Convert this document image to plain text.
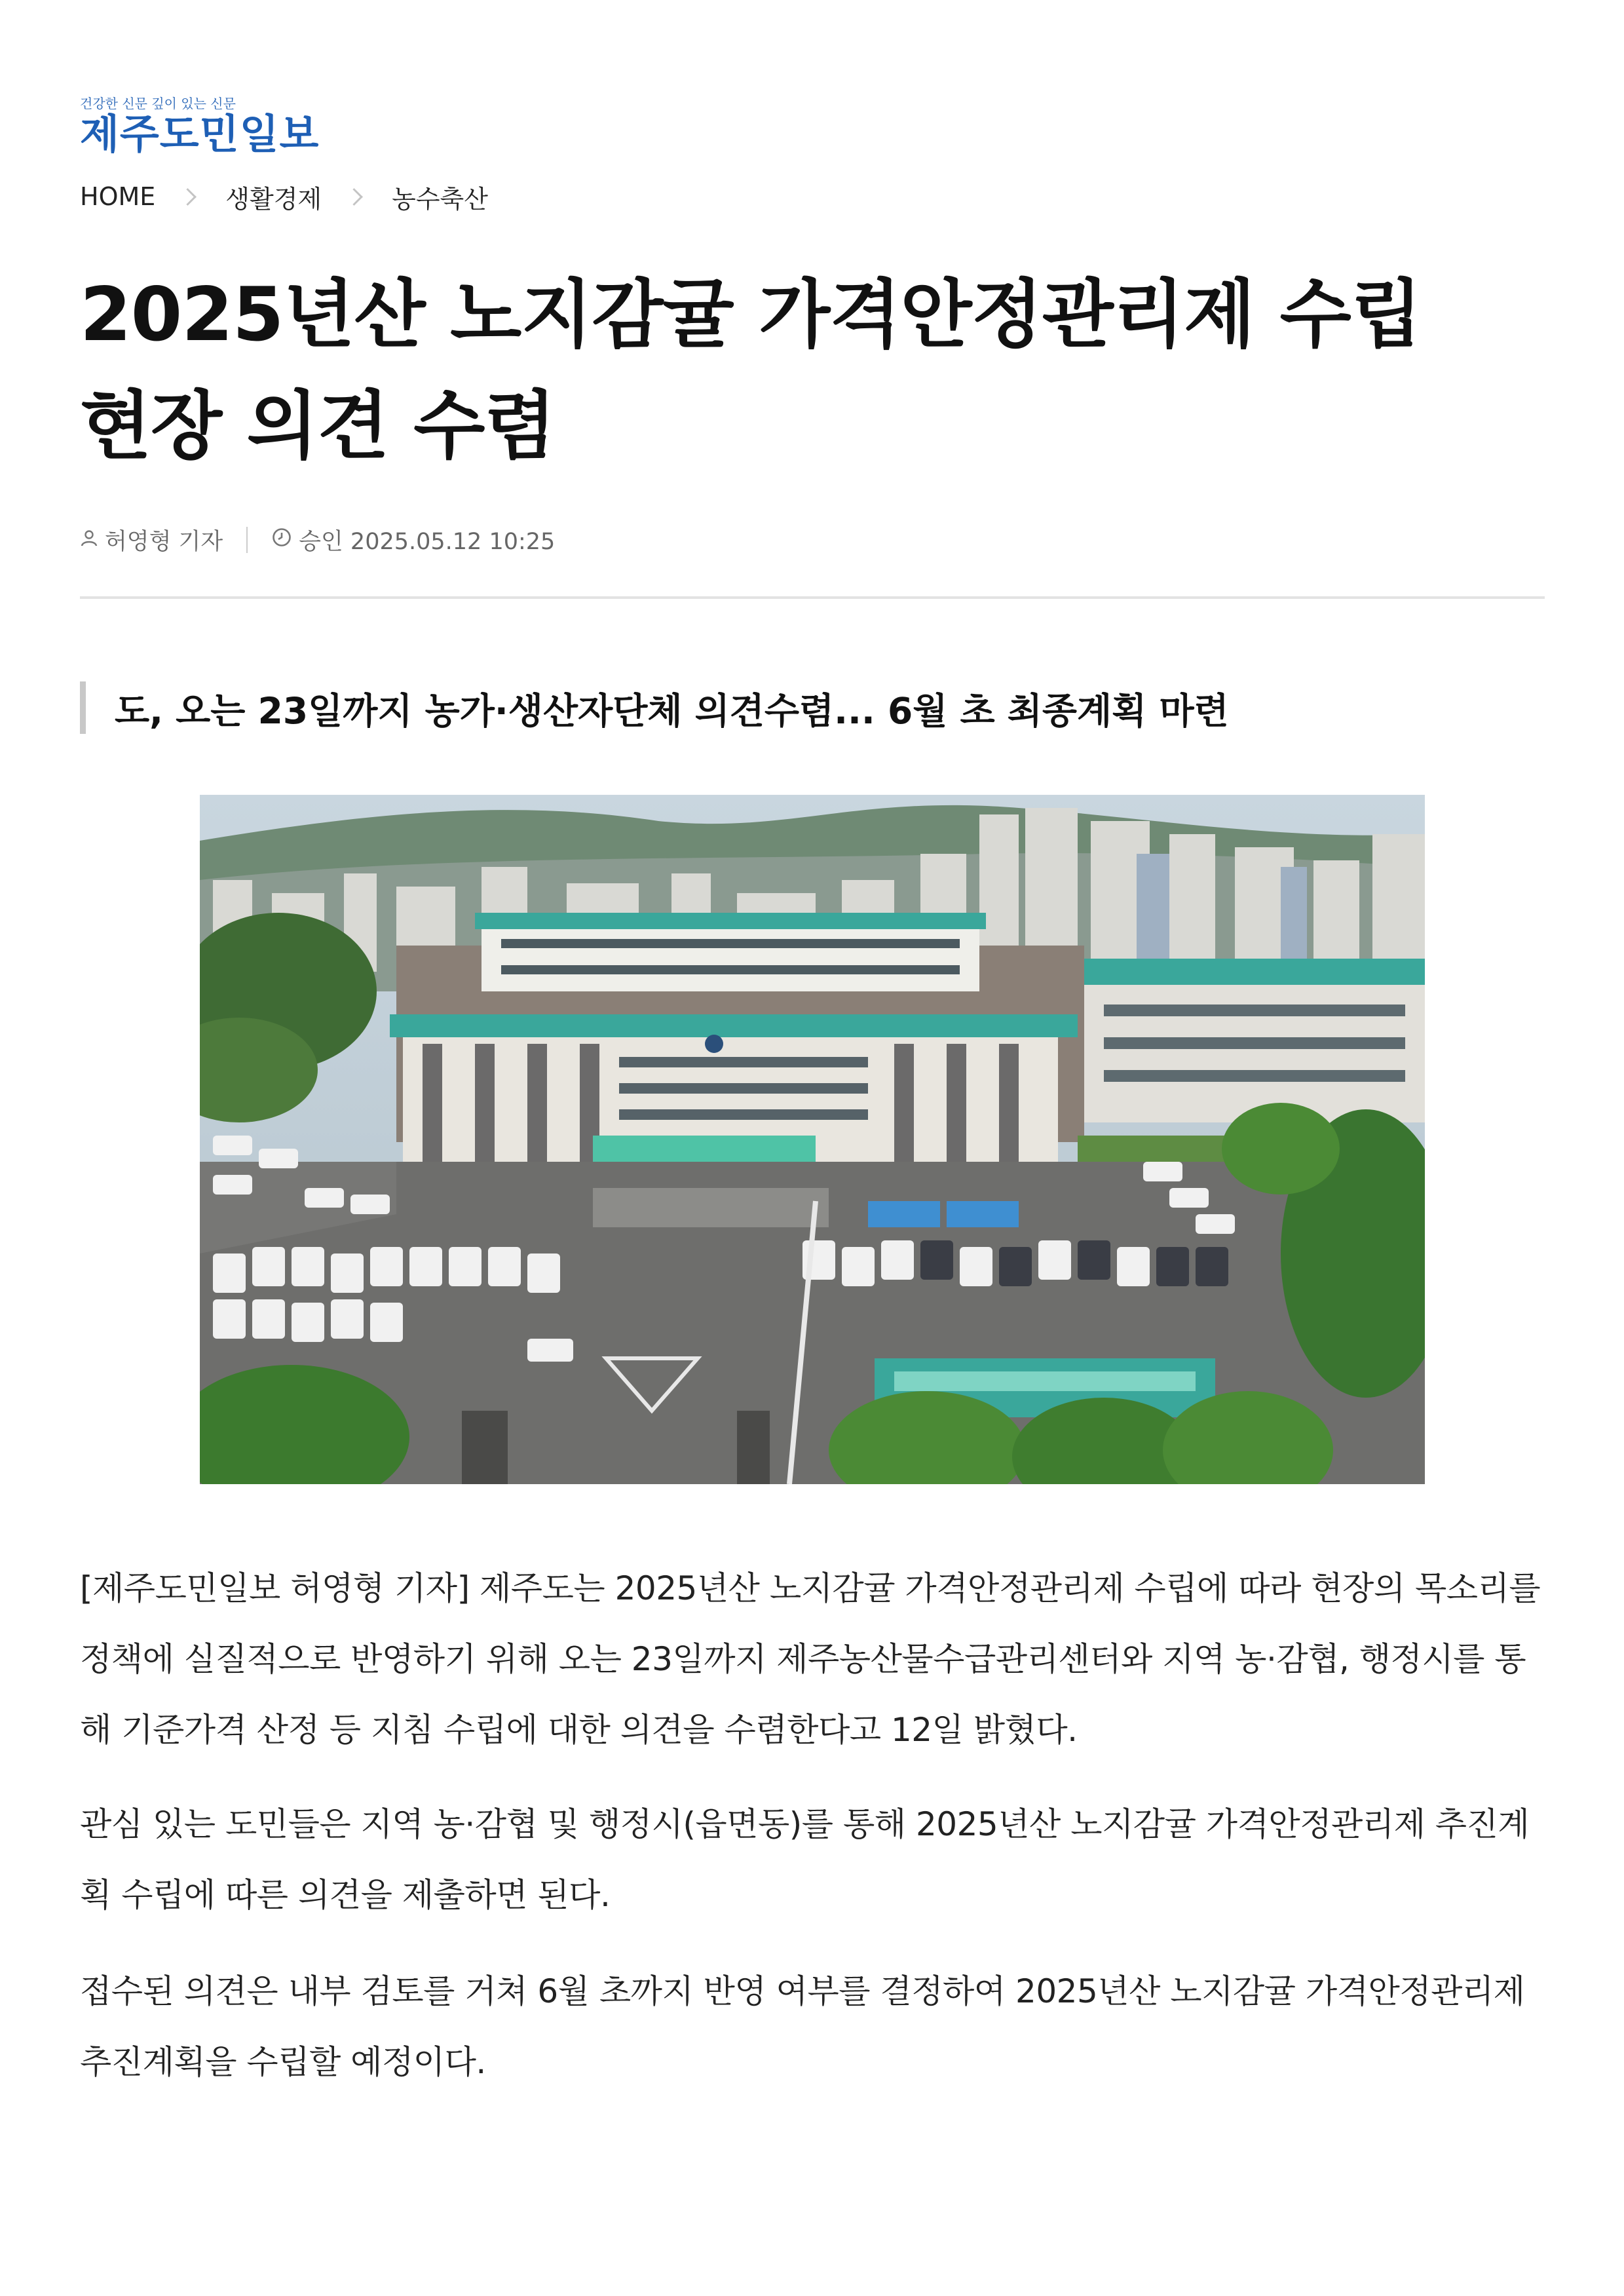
건강한 신문 깊이 있는 신문
제주도민일보
HOME	생활경제	농수축산
2025년산 노지감귤 가격안정관리제 수립
현장 의견 수렴
허영형 기자	승인 2025.05.12 10:25
도, 오는 23일까지 농가·생산자단체 의견수렴... 6월 초 최종계획 마련

[제주도민일보 허영형 기자] 제주도는 2025년산 노지감귤 가격안정관리제 수립에 따라 현장의 목소리를 정책에 실질적으로 반영하기 위해 오는 23일까지 제주농산물수급관리센터와 지역 농·감협, 행정시를 통해 기준가격 산정 등 지침 수립에 대한 의견을 수렴한다고 12일 밝혔다.

관심 있는 도민들은 지역 농·감협 및 행정시(읍면동)를 통해 2025년산 노지감귤 가격안정관리제 추진계획 수립에 따른 의견을 제출하면 된다.

접수된 의견은 내부 검토를 거쳐 6월 초까지 반영 여부를 결정하여 2025년산 노지감귤 가격안정관리제 추진계획을 수립할 예정이다.
